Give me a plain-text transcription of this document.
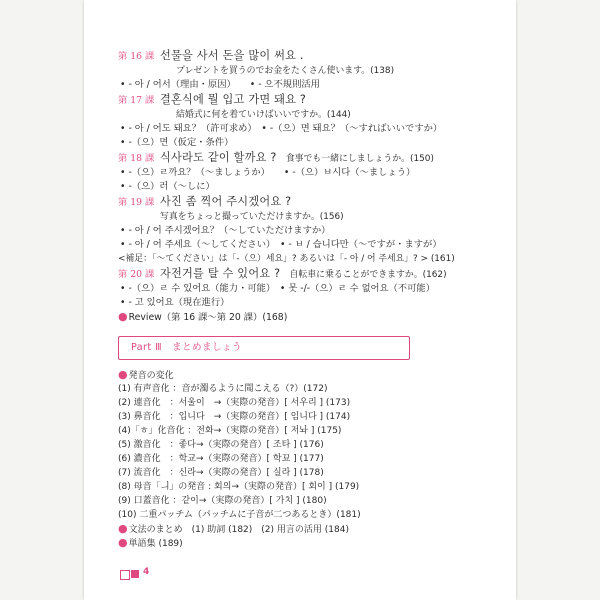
第 16 課 선물을 사서 돈을 많이 써요 .
プレゼントを買うのでお金をたくさん使います。(138)
• - 아 / 어서（理由・原因）　　• - 으不規則活用
第 17 課 결혼식에 뭘 입고 가면 돼요 ?
結婚式に何を着ていけばいいですか。(144)
• - 아 / 어도 돼요？（許可求め）　• -（으）면 돼요？（〜すればいいですか）
• -（으）면（仮定・条件）
第 18 課 식사라도 같이 할까요 ?　 食事でも一緒にしましょうか。(150)
• -（으）ㄹ까요？（〜ましょうか）　　• -（으）ㅂ시다（〜ましょう）
• -（으）러（〜しに）
第 19 課 사진 좀 찍어 주시겠어요 ?
写真をちょっと撮っていただけますか。(156)
• - 아 / 어 주시겠어요？（〜していただけますか）
• - 아 / 어 주세요（〜してください）　• - ㅂ / 습니다만（〜ですが・ますが）
<補足：「〜てください」は「-（으）세요」? あるいは「- 아 / 어 주세요」? > (161)
第 20 課 자전거를 탈 수 있어요 ?　 自転車に乗ることができますか。(162)
• -（으）ㄹ 수 있어요（能力・可能）　• 못 -/-（으）ㄹ 수 없어요（不可能）
• - 고 있어요（現在進行）
●Review（第 16 課〜第 20 課）(168)
Part Ⅲ　まとめましょう
●発音の変化
(1) 有声音化 ：音が濁るように聞こえる（?）(172)
(2) 連音化　：서울이　→（実際の発音）[ 서우리 ] (173)
(3) 鼻音化　：입니다　→（実際の発音）[ 임니다 ] (174)
(4)「ㅎ」化音化 ：전화→（実際の発音）[ 저놔 ] (175)
(5) 激音化　：좋다→（実際の発音）[ 조타 ] (176)
(6) 濃音化　：학교→（実際の発音）[ 학꾜 ] (177)
(7) 流音化　：신라→（実際の発音）[ 실라 ] (178)
(8) 母音「ㅢ」の発音 : 회의→（実際の発音）[ 회이 ] (179)
(9) 口蓋音化 ：같이→（実際の発音）[ 가치 ] (180)
(10) 二重パッチム（パッチムに子音が二つあるとき）(181)
●文法のまとめ　(1) 助詞 (182)　(2) 用言の活用 (184)
●単語集 (189)
4
